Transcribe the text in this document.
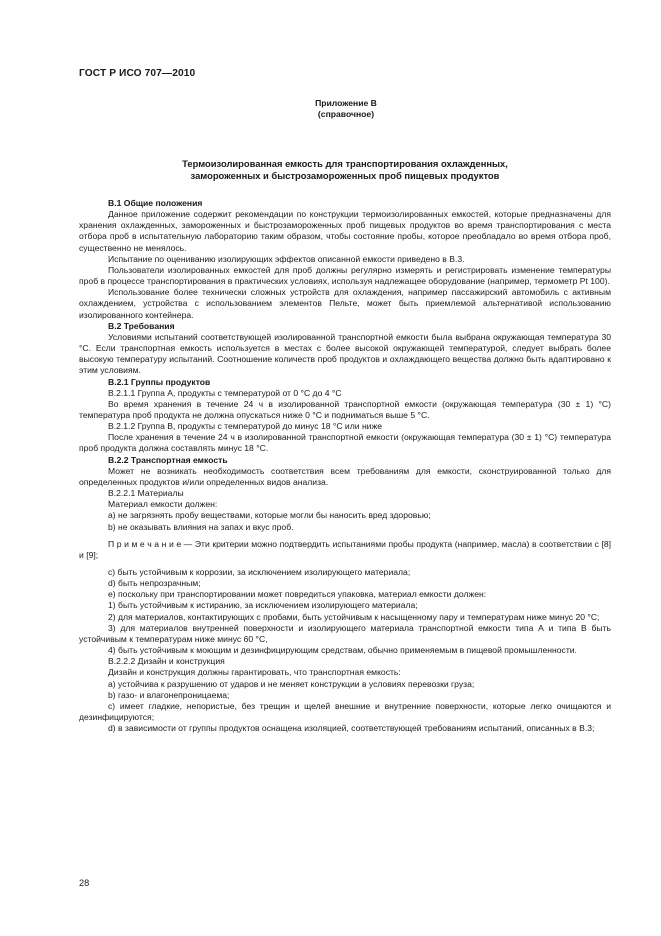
ГОСТ Р ИСО 707—2010
Приложение В
(справочное)
Термоизолированная емкость для транспортирования охлажденных,
замороженных и быстрозамороженных проб пищевых продуктов

В.1 Общие положения

Данное приложение содержит рекомендации по конструкции термоизолированных емкостей, которые предназначены для хранения охлажденных, замороженных и быстрозамороженных проб пищевых продуктов во время транспортирования с места отбора проб в испытательную лабораторию таким образом, чтобы состояние пробы, которое преобладало во время отбора проб, существенно не менялось.

Испытание по оцениванию изолирующих эффектов описанной емкости приведено в В.3.

Пользователи изолированных емкостей для проб должны регулярно измерять и регистрировать изменение температуры проб в процессе транспортирования в практических условиях, используя надлежащее оборудование (например, термометр Pt 100).

Использование более технически сложных устройств для охлаждения, например пассажирский автомобиль с активным охлаждением, устройства с использованием элементов Пельте, может быть приемлемой альтернативой использованию изолированного контейнера.

В.2 Требования

Условиями испытаний соответствующей изолированной транспортной емкости была выбрана окружающая температура 30 °С. Если транспортная емкость используется в местах с более высокой окружающей температурой, следует выбрать более высокую температуру испытаний. Соотношение количеств проб продуктов и охлаждающего вещества должно быть адаптировано к этим условиям.

В.2.1 Группы продуктов

В.2.1.1 Группа А, продукты с температурой от 0 °С до 4 °С

Во время хранения в течение 24 ч в изолированной транспортной емкости (окружающая температура (30 ± 1) °С) температура проб продукта не должна опускаться ниже 0 °С и подниматься выше 5 °С.

В.2.1.2 Группа В, продукты с температурой до минус 18 °С или ниже

После хранения в течение 24 ч в изолированной транспортной емкости (окружающая температура (30 ± 1) °С) температура проб продукта должна составлять минус 18 °С.

В.2.2 Транспортная емкость

Может не возникать необходимость соответствия всем требованиям для емкости, сконструированной только для определенных продуктов и/или определенных видов анализа.

В.2.2.1 Материалы

Материал емкости должен:

a) не загрязнять пробу веществами, которые могли бы наносить вред здоровью;

b) не оказывать влияния на запах и вкус проб.

П р и м е ч а н и е — Эти критерии можно подтвердить испытаниями пробы продукта (например, масла) в соответствии с [8] и [9];

c) быть устойчивым к коррозии, за исключением изолирующего материала;

d) быть непрозрачным;

e) поскольку при транспортировании может повредиться упаковка, материал емкости должен:

1) быть устойчивым к истиранию, за исключением изолирующего материала;

2) для материалов, контактирующих с пробами, быть устойчивым к насыщенному пару и температурам ниже минус 20 °С;

3) для материалов внутренней поверхности и изолирующего материала транспортной емкости типа А и типа В быть устойчивым к температурам ниже минус 60 °С,

4) быть устойчивым к моющим и дезинфицирующим средствам, обычно применяемым в пищевой промышленности.

В.2.2.2 Дизайн и конструкция

Дизайн и конструкция должны гарантировать, что транспортная емкость:

a) устойчива к разрушению от ударов и не меняет конструкции в условиях перевозки груза;

b) газо- и влагонепроницаема;

c) имеет гладкие, непористые, без трещин и щелей внешние и внутренние поверхности, которые легко очищаются и дезинфицируются;

d) в зависимости от группы продуктов оснащена изоляцией, соответствующей требованиям испытаний, описанных в В.3;

28
